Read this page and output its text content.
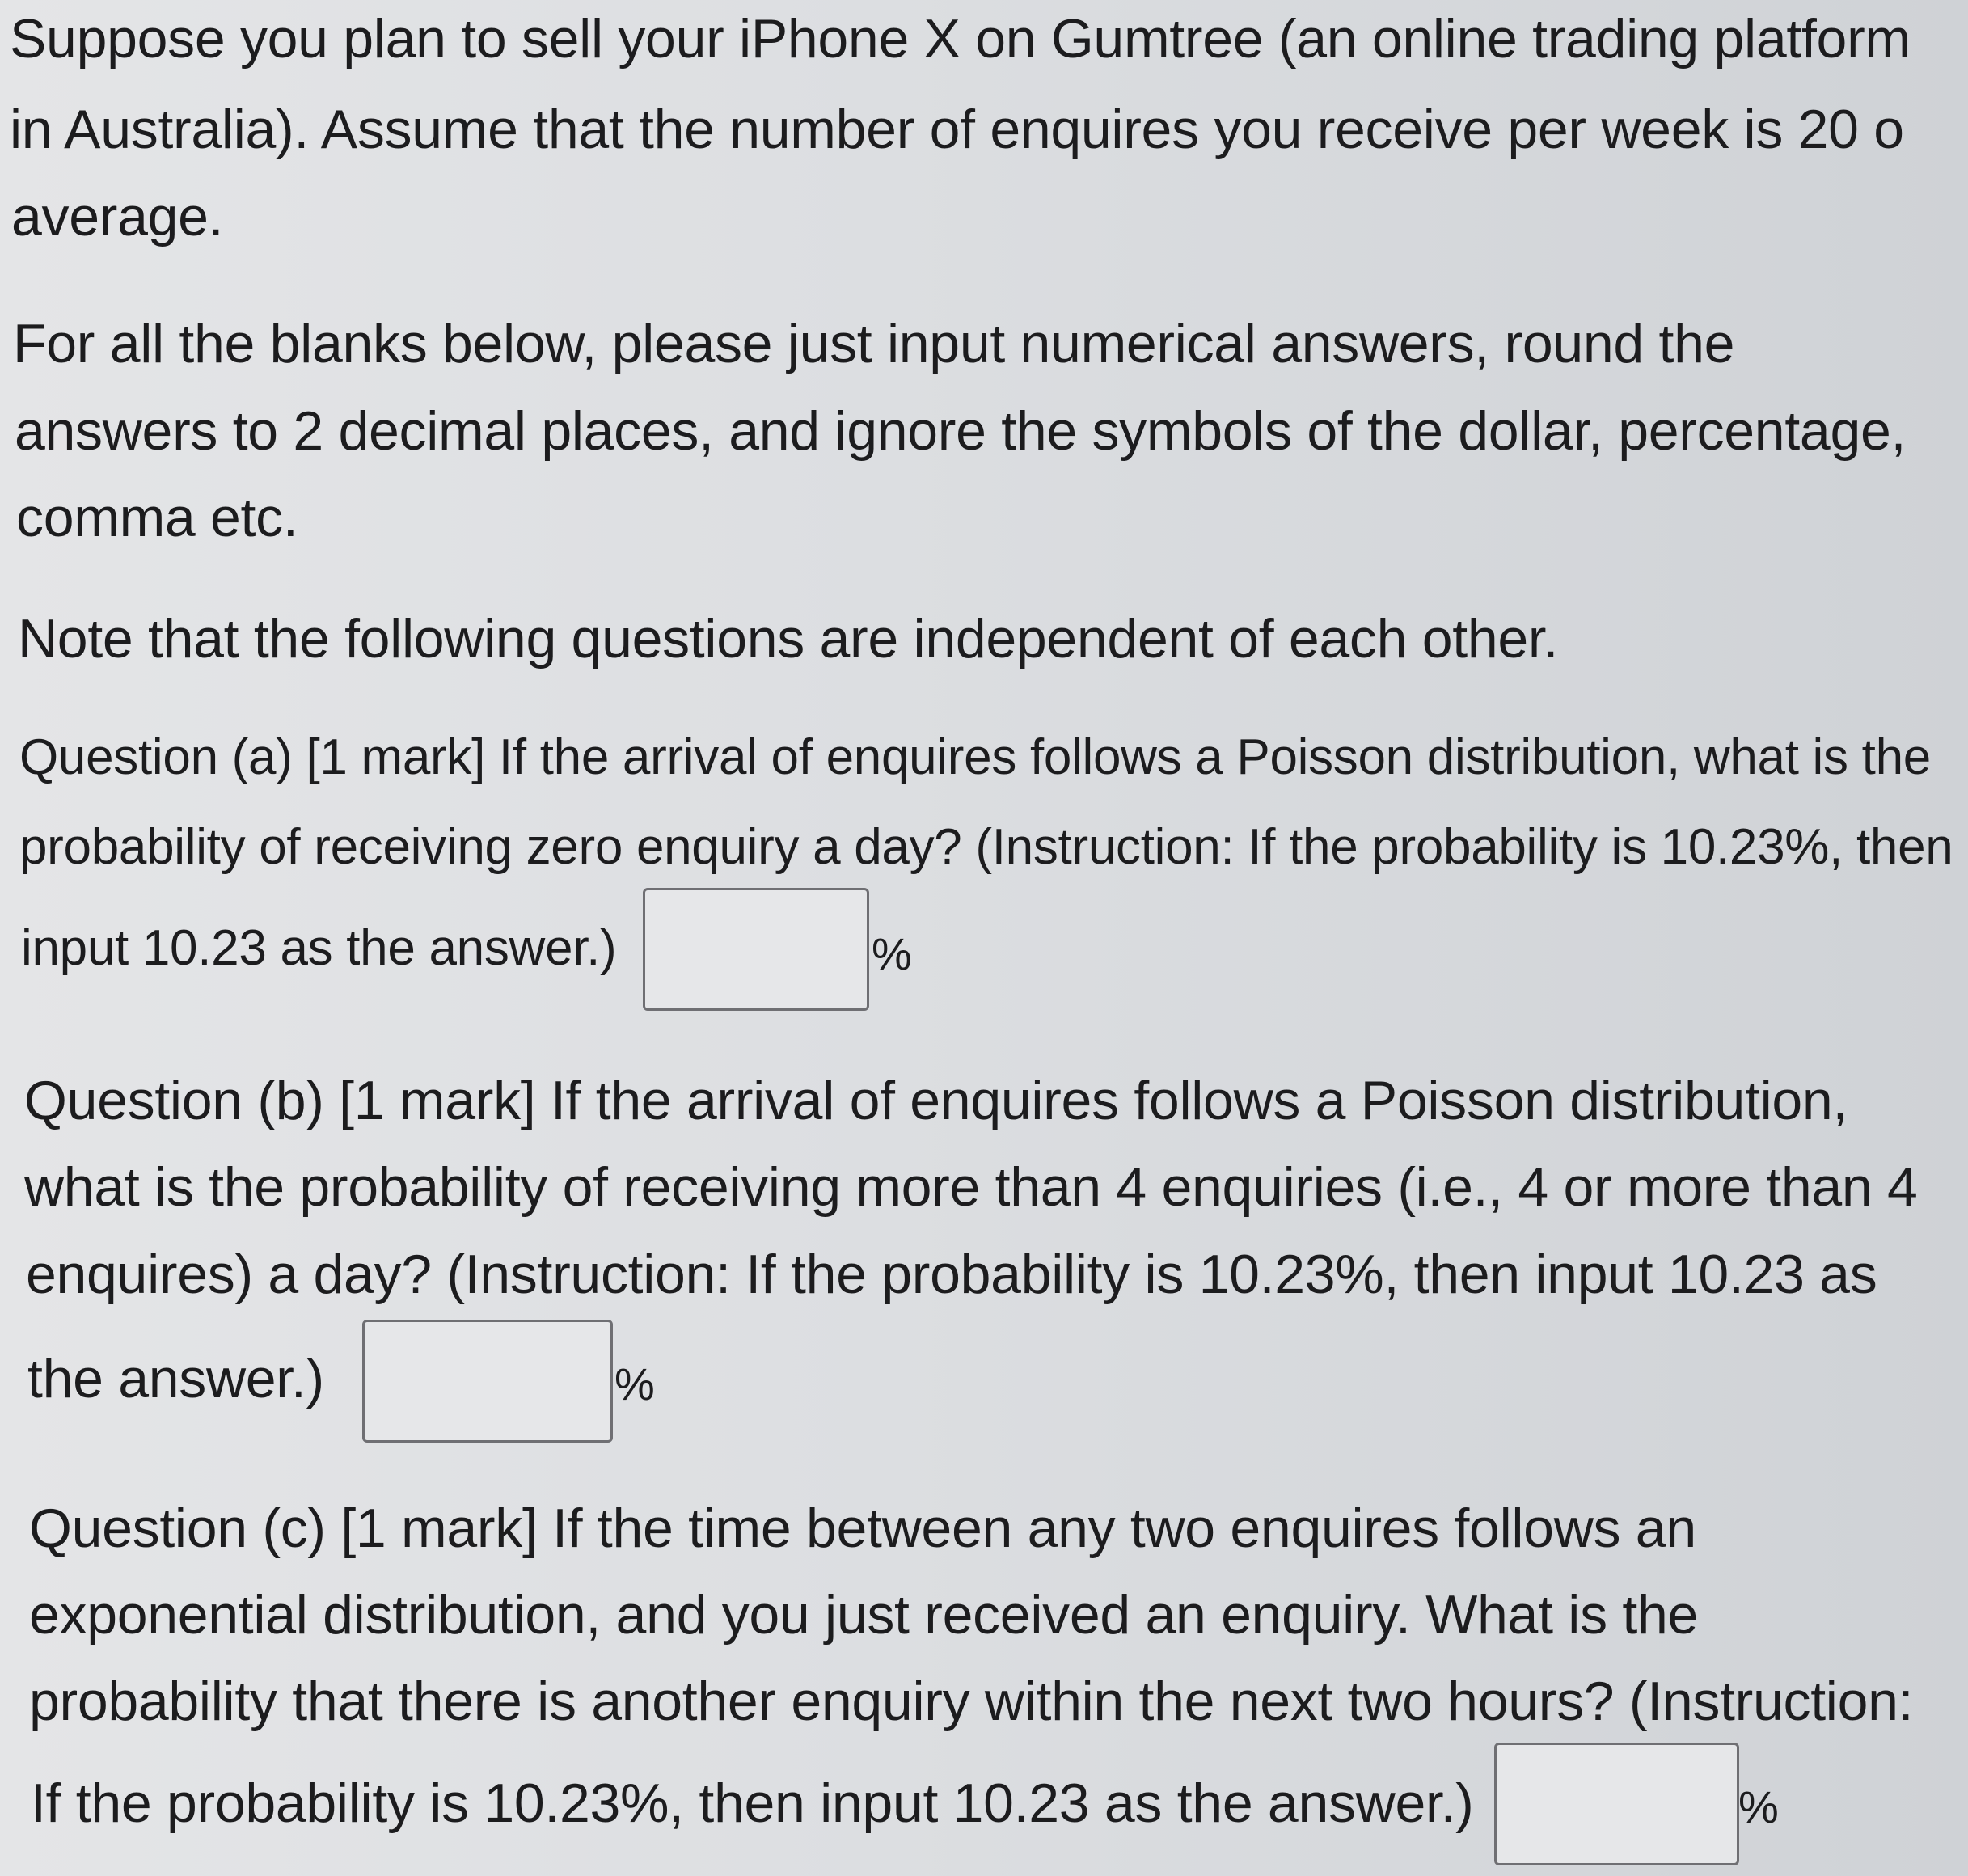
Suppose you plan to sell your iPhone X on Gumtree (an online trading platform
in Australia). Assume that the number of enquires you receive per week is 20 o
average.
For all the blanks below, please just input numerical answers, round the
answers to 2 decimal places, and ignore the symbols of the dollar, percentage,
comma etc.
Note that the following questions are independent of each other.
Question (a) [1 mark] If the arrival of enquires follows a Poisson distribution, what is the
probability of receiving zero enquiry a day? (Instruction: If the probability is 10.23%, then
input 10.23 as the answer.)	%
Question (b) [1 mark] If the arrival of enquires follows a Poisson distribution,
what is the probability of receiving more than 4 enquiries (i.e., 4 or more than 4
enquires) a day? (Instruction: If the probability is 10.23%, then input 10.23 as
the answer.)	%
Question (c) [1 mark] If the time between any two enquires follows an
exponential distribution, and you just received an enquiry. What is the
probability that there is another enquiry within the next two hours? (Instruction:
If the probability is 10.23%, then input 10.23 as the answer.)	%
